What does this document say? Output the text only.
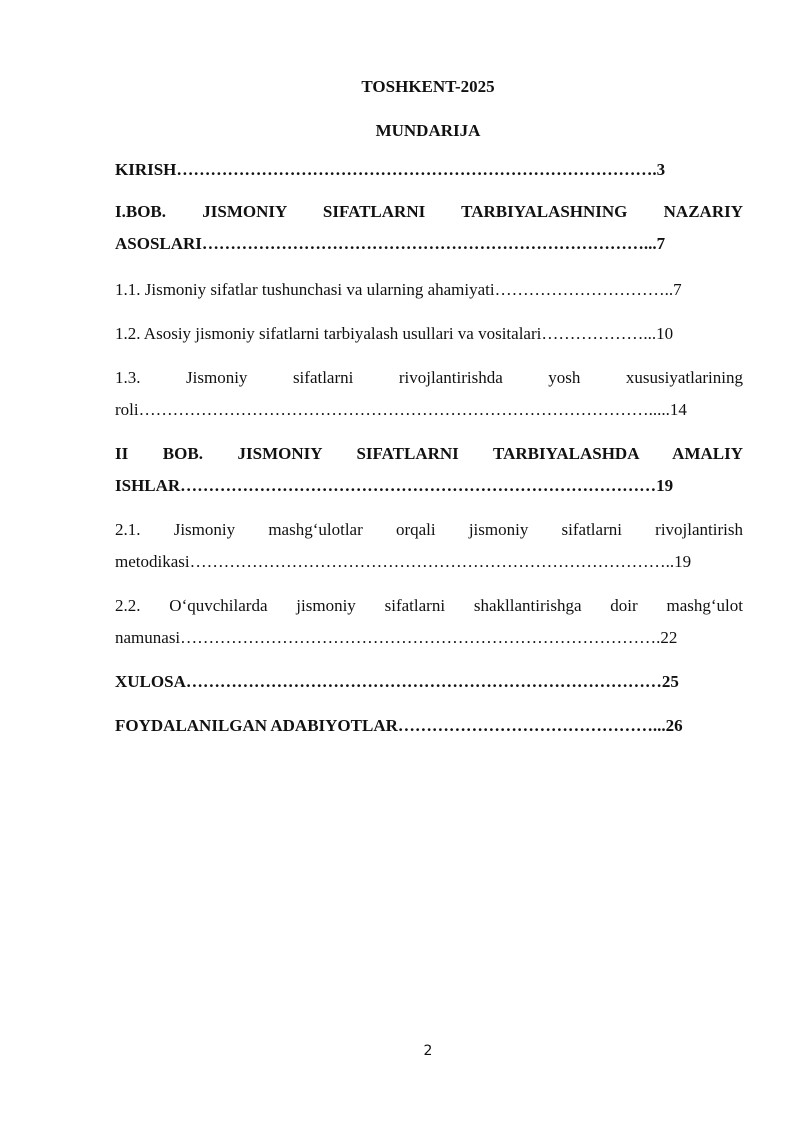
TOSHKENT-2025

MUNDARIJA

KIRISH………………………………………………………………………….3
I.BOB. JISMONIY SIFATLARNI TARBIYALASHNING NAZARIY
ASOSLARI……………………………………………………………………...7
1.1. Jismoniy sifatlar tushunchasi va ularning ahamiyati…………………………..7
1.2. Asosiy jismoniy sifatlarni tarbiyalash usullari va vositalari………………...10
1.3. Jismoniy sifatlarni rivojlantirishda yosh xususiyatlarining
roli……………………………………………………………………………….....14
II BOB. JISMONIY SIFATLARNI TARBIYALASHDA AMALIY
ISHLAR…………………………………………………………………………19
2.1. Jismoniy mashg‘ulotlar orqali jismoniy sifatlarni rivojlantirish
metodikasi…………………………………………………………………………..19
2.2. O‘quvchilarda jismoniy sifatlarni shakllantirishga doir mashg‘ulot
namunasi………………………………………………………………………….22
XULOSA…………………………………………………………………………25
FOYDALANILGAN ADABIYOTLAR………………………………………...26
2
